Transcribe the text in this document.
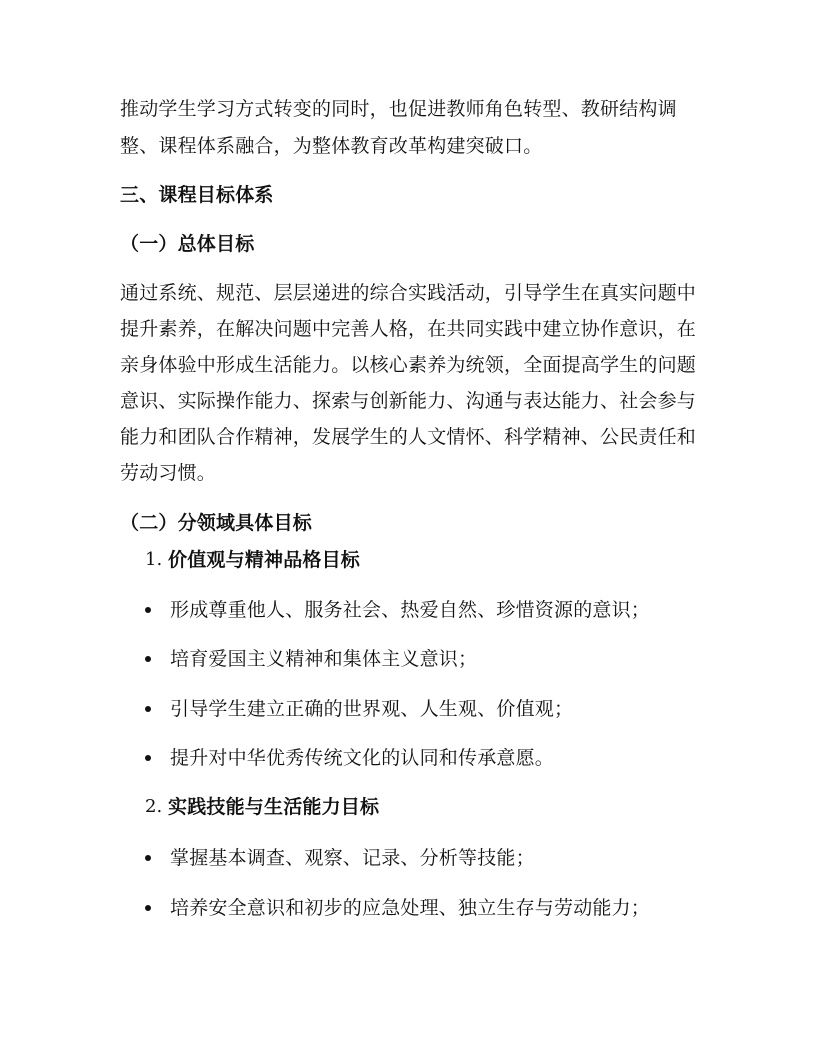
推动学生学习方式转变的同时，也促进教师角色转型、教研结构调
整、课程体系融合，为整体教育改革构建突破口。
三、课程目标体系
（一）总体目标
通过系统、规范、层层递进的综合实践活动，引导学生在真实问题中
提升素养，在解决问题中完善人格，在共同实践中建立协作意识，在
亲身体验中形成生活能力。以核心素养为统领，全面提高学生的问题
意识、实际操作能力、探索与创新能力、沟通与表达能力、社会参与
能力和团队合作精神，发展学生的人文情怀、科学精神、公民责任和
劳动习惯。
（二）分领域具体目标
1. 价值观与精神品格目标
形成尊重他人、服务社会、热爱自然、珍惜资源的意识；
培育爱国主义精神和集体主义意识；
引导学生建立正确的世界观、人生观、价值观；
提升对中华优秀传统文化的认同和传承意愿。
2. 实践技能与生活能力目标
掌握基本调查、观察、记录、分析等技能；
培养安全意识和初步的应急处理、独立生存与劳动能力；
